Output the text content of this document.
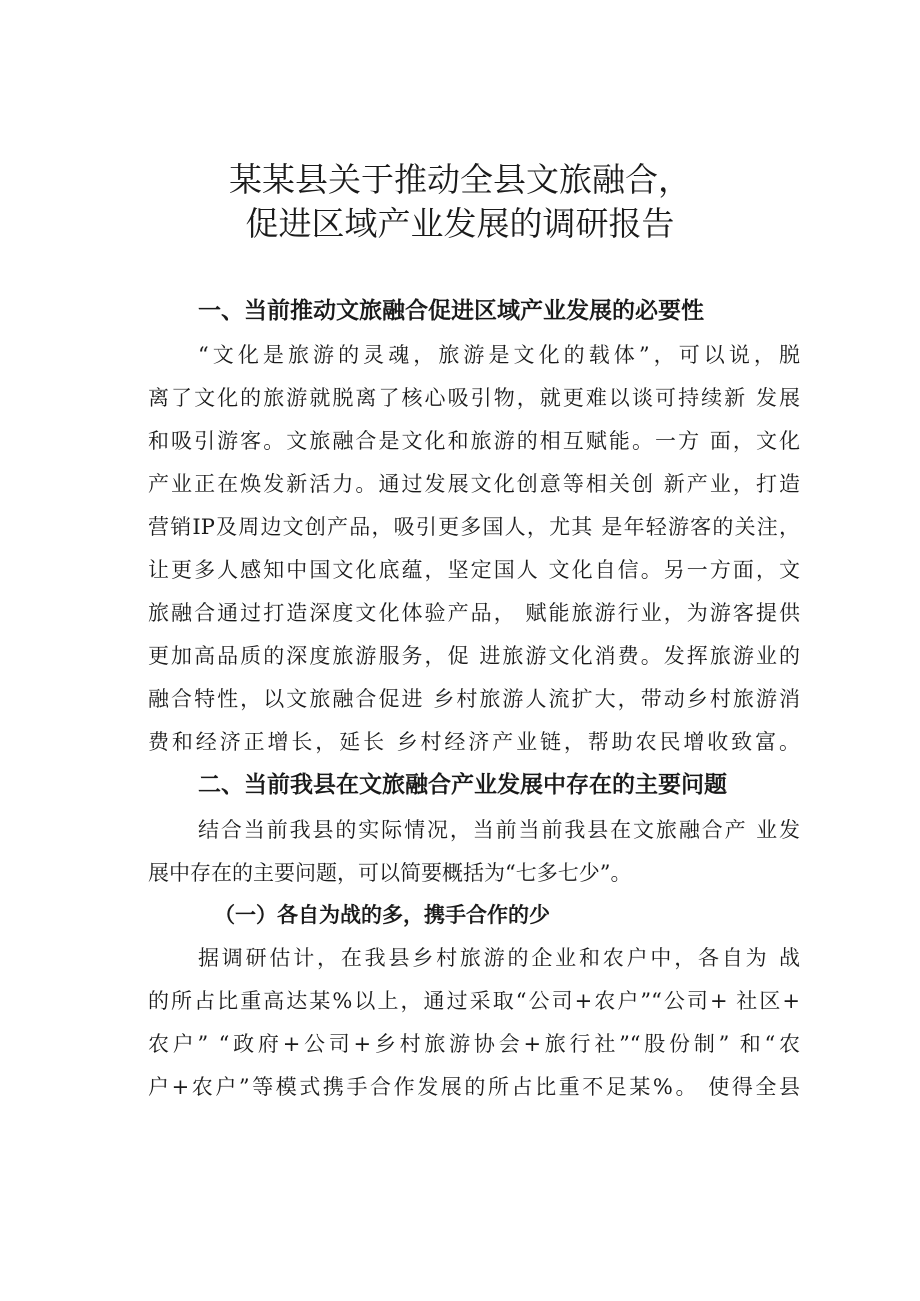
某某县关于推动全县文旅融合，
促进区域产业发展的调研报告
一、当前推动文旅融合促进区域产业发展的必要性
“文化是旅游的灵魂，旅游是文化的载体”，可以说，脱
离了文化的旅游就脱离了核心吸引物，就更难以谈可持续新 发展
和吸引游客。文旅融合是文化和旅游的相互赋能。一方 面，文化
产业正在焕发新活力。通过发展文化创意等相关创 新产业，打造
营销IP及周边文创产品，吸引更多国人，尤其 是年轻游客的关注，
让更多人感知中国文化底蕴，坚定国人 文化自信。另一方面，文
旅融合通过打造深度文化体验产品， 赋能旅游行业，为游客提供
更加高品质的深度旅游服务，促 进旅游文化消费。发挥旅游业的
融合特性，以文旅融合促进 乡村旅游人流扩大，带动乡村旅游消
费和经济正增长，延长 乡村经济产业链，帮助农民增收致富。
二、当前我县在文旅融合产业发展中存在的主要问题
结合当前我县的实际情况，当前当前我县在文旅融合产 业发
展中存在的主要问题，可以简要概括为“七多七少”。
（一）各自为战的多，携手合作的少
据调研估计，在我县乡村旅游的企业和农户中，各自为 战
的所占比重高达某%以上，通过采取“公司+农户”“公司+ 社区+
农户” “政府+公司+乡村旅游协会+旅行社”“股份制” 和“农
户+农户”等模式携手合作发展的所占比重不足某%。 使得全县
